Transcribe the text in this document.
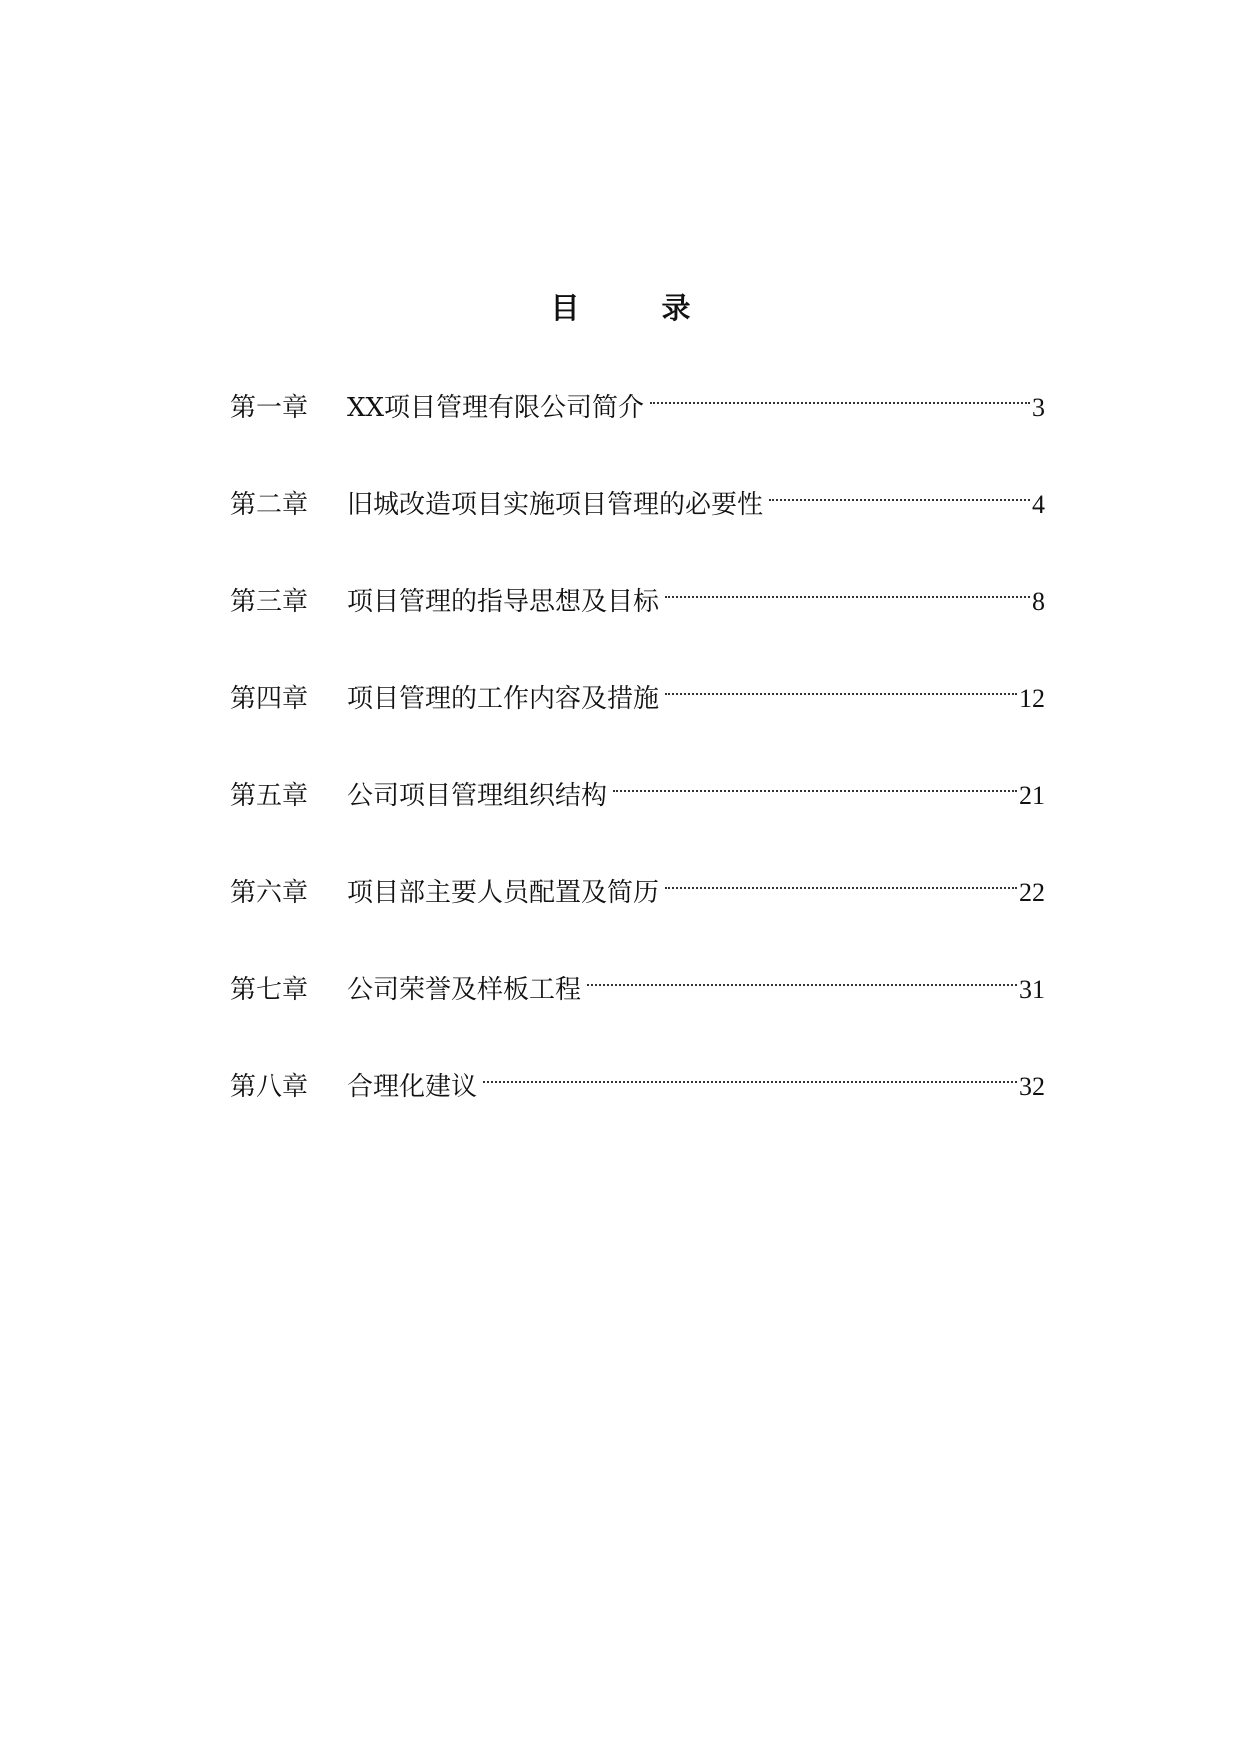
目 录
第一章	XX项目管理有限公司简介	3
第二章	旧城改造项目实施项目管理的必要性	4
第三章	项目管理的指导思想及目标	8
第四章	项目管理的工作内容及措施	12
第五章	公司项目管理组织结构	21
第六章	项目部主要人员配置及简历	22
第七章	公司荣誉及样板工程	31
第八章	合理化建议	32
